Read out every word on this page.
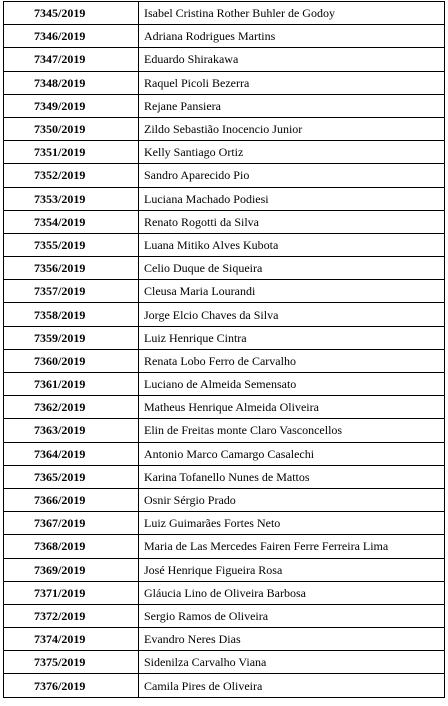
7345/2019	Isabel Cristina Rother Buhler de Godoy
7346/2019	Adriana Rodrigues Martins
7347/2019	Eduardo Shirakawa
7348/2019	Raquel Picoli Bezerra
7349/2019	Rejane Pansiera
7350/2019	Zildo Sebastião Inocencio Junior
7351/2019	Kelly Santiago Ortiz
7352/2019	Sandro Aparecido Pio
7353/2019	Luciana Machado Podiesi
7354/2019	Renato Rogotti da Silva
7355/2019	Luana Mitiko Alves Kubota
7356/2019	Celio Duque de Siqueira
7357/2019	Cleusa Maria Lourandi
7358/2019	Jorge Elcio Chaves da Silva
7359/2019	Luiz Henrique Cintra
7360/2019	Renata Lobo Ferro de Carvalho
7361/2019	Luciano de Almeida Semensato
7362/2019	Matheus Henrique Almeida Oliveira
7363/2019	Elin de Freitas monte Claro Vasconcellos
7364/2019	Antonio Marco Camargo Casalechi
7365/2019	Karina Tofanello Nunes de Mattos
7366/2019	Osnir Sérgio Prado
7367/2019	Luiz Guimarães Fortes Neto
7368/2019	Maria de Las Mercedes Fairen Ferre Ferreira Lima
7369/2019	José Henrique Figueira Rosa
7371/2019	Gláucia Lino de Oliveira Barbosa
7372/2019	Sergio Ramos de Oliveira
7374/2019	Evandro Neres Dias
7375/2019	Sidenilza Carvalho Viana
7376/2019	Camila Pires de Oliveira
